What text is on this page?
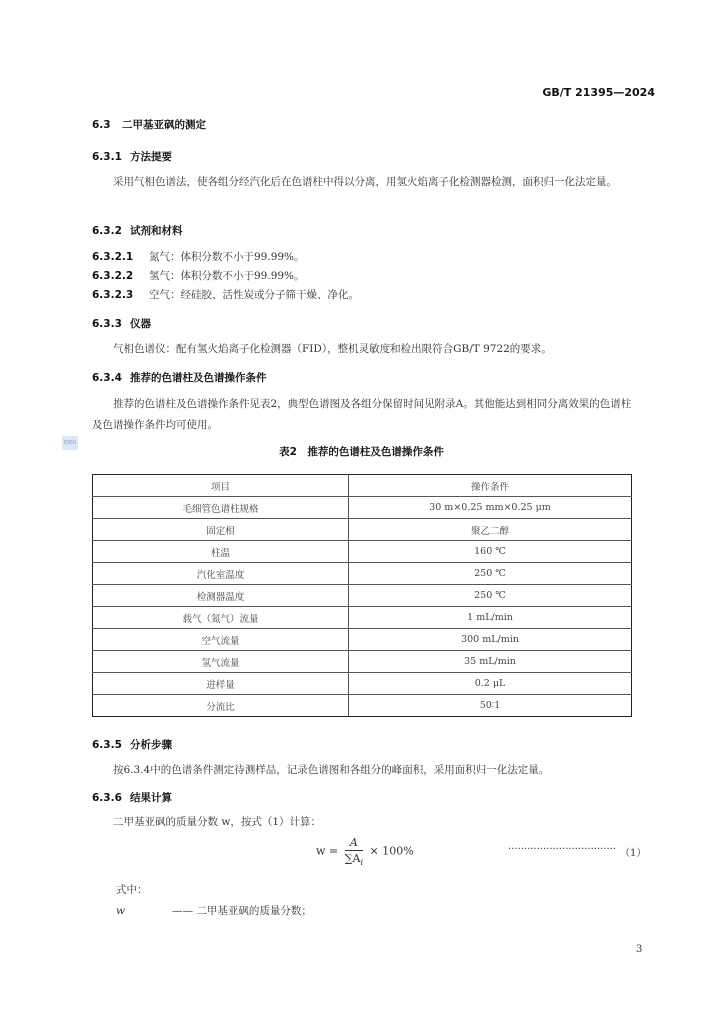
GB/T 21395—2024
6.3 二甲基亚砜的测定
6.3.1 方法提要
采用气相色谱法，使各组分经汽化后在色谱柱中得以分离，用氢火焰离子化检测器检测，面积归一化法定量。
6.3.2 试剂和材料
6.3.2.1 氮气：体积分数不小于99.99%。
6.3.2.2 氢气：体积分数不小于99.99%。
6.3.2.3 空气：经硅胶、活性炭或分子筛干燥、净化。
6.3.3 仪器
气相色谱仪：配有氢火焰离子化检测器（FID），整机灵敏度和检出限符合GB/T 9722的要求。
6.3.4 推荐的色谱柱及色谱操作条件
推荐的色谱柱及色谱操作条件见表2，典型色谱图及各组分保留时间见附录A。其他能达到相同分离效果的色谱柱及色谱操作条件均可使用。
IDEO
表2　推荐的色谱柱及色谱操作条件
项目	操作条件
毛细管色谱柱规格	30 m×0.25 mm×0.25 μm
固定相	聚乙二醇
柱温	160 ℃
汽化室温度	250 ℃
检测器温度	250 ℃
载气（氮气）流量	1 mL/min
空气流量	300 mL/min
氢气流量	35 mL/min
进样量	0.2 μL
分流比	50∶1
6.3.5 分析步骤
按6.3.4中的色谱条件测定待测样品，记录色谱图和各组分的峰面积，采用面积归一化法定量。
6.3.6 结果计算
二甲基亚砜的质量分数 w，按式（1）计算：
$w = \frac{A}{\sum A_i} \times 100\%$	·································· （1）
式中：
w	—— 二甲基亚砜的质量分数；
3
